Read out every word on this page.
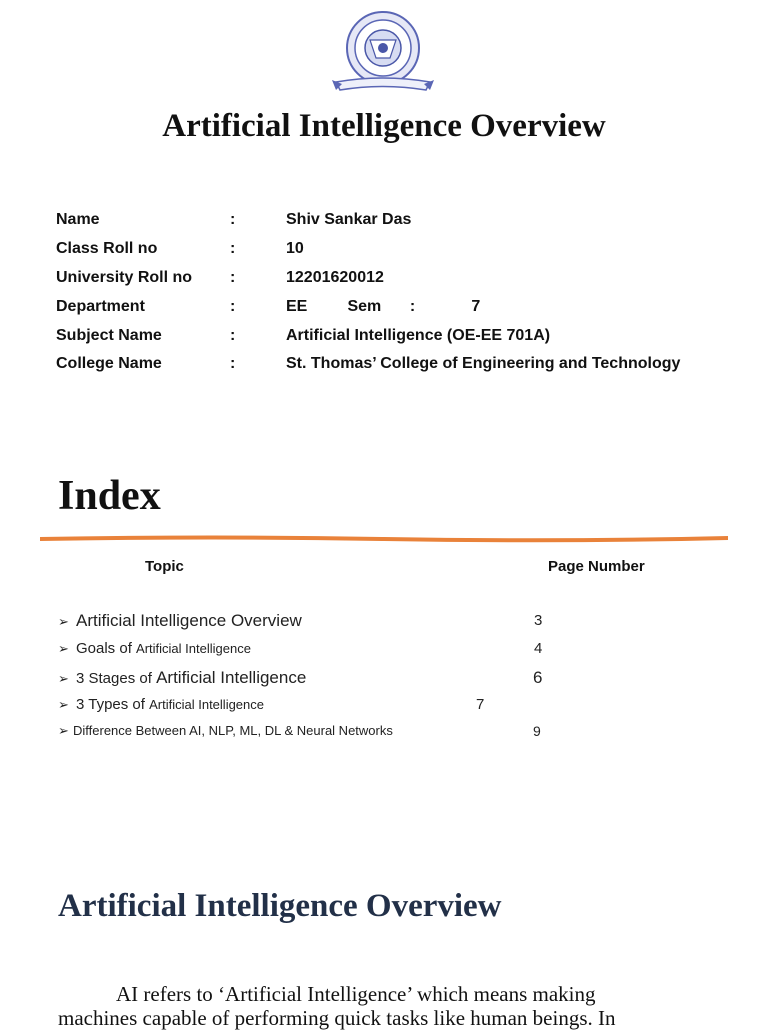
Artificial Intelligence Overview
Name	:	Shiv Sankar Das
Class Roll no	:	10
University Roll no	:	12201620012
Department	:	EE	Sem :	7
Subject Name	:	Artificial Intelligence (OE-EE 701A)
College Name	:	St. Thomas’ College of Engineering and Technology
Index
Topic	Page Number
➢ Artificial Intelligence Overview	3
➢ Goals of Artificial Intelligence	4
➢ 3 Stages of Artificial Intelligence	6
➢ 3 Types of Artificial Intelligence	7
➢ Difference Between AI, NLP, ML, DL & Neural Networks	9
Artificial Intelligence Overview
AI refers to ‘Artificial Intelligence’ which means making
machines capable of performing quick tasks like human beings. In
